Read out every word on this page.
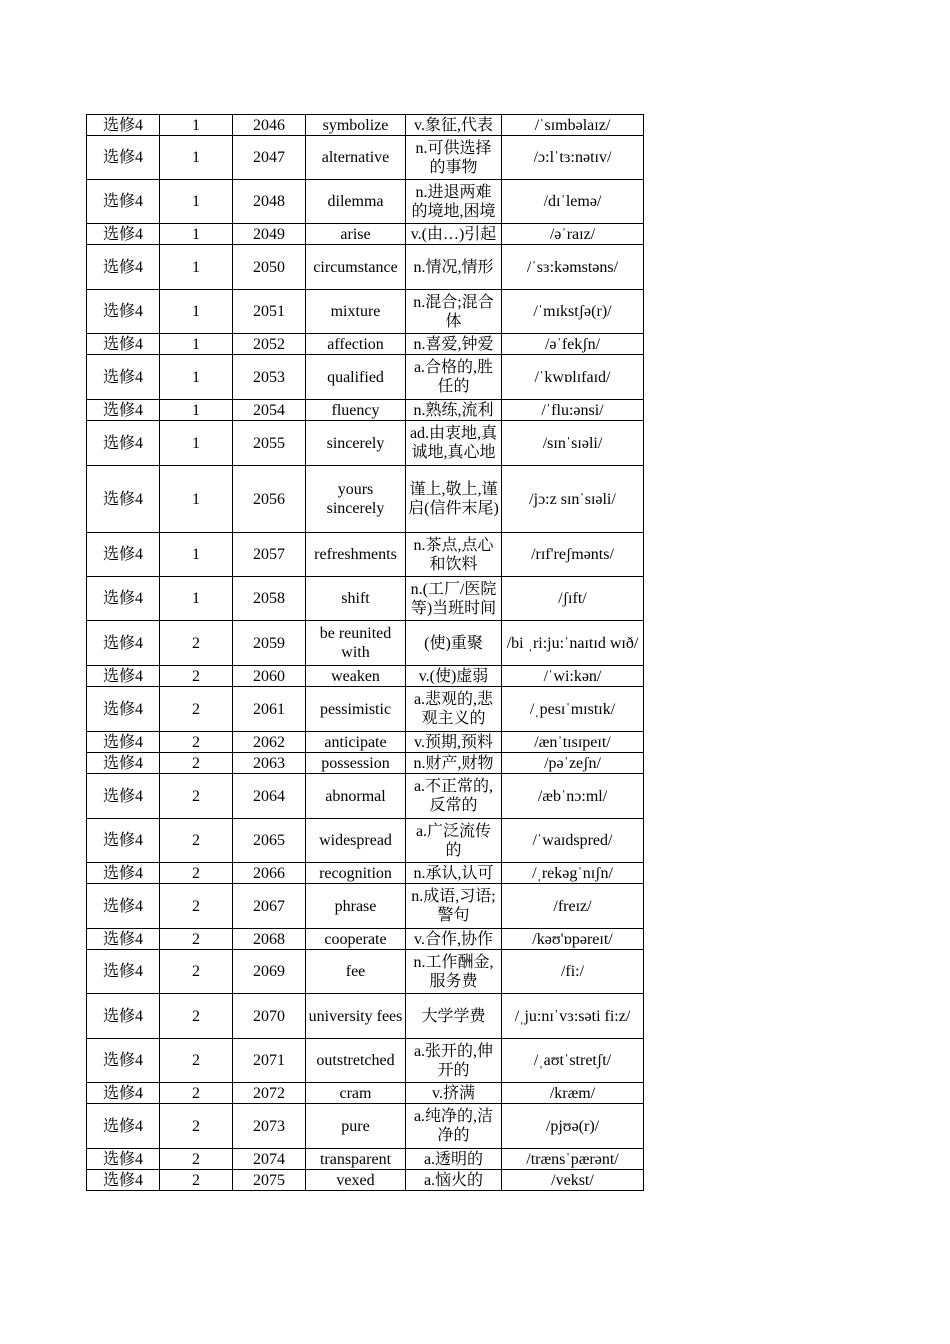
选修4	1	2046	symbolize	v.象征,代表	/ˈsɪmbəlaɪz/
选修4	1	2047	alternative	n.可供选择的事物	/ɔ:lˈtɜ:nətɪv/
选修4	1	2048	dilemma	n.进退两难的境地,困境	/dɪˈlemə/
选修4	1	2049	arise	v.(由…)引起	/əˈraɪz/
选修4	1	2050	circumstance	n.情况,情形	/ˈsɜ:kəmstəns/
选修4	1	2051	mixture	n.混合;混合体	/ˈmɪkstʃə(r)/
选修4	1	2052	affection	n.喜爱,钟爱	/əˈfekʃn/
选修4	1	2053	qualified	a.合格的,胜任的	/ˈkwɒlɪfaɪd/
选修4	1	2054	fluency	n.熟练,流利	/ˈflu:ənsi/
选修4	1	2055	sincerely	ad.由衷地,真诚地,真心地	/sɪnˈsɪəli/
选修4	1	2056	yours sincerely	谨上,敬上,谨启(信件末尾)	/jɔ:z sɪnˈsɪəli/
选修4	1	2057	refreshments	n.茶点,点心和饮料	/rɪf'reʃmənts/
选修4	1	2058	shift	n.(工厂/医院等)当班时间	/ʃɪft/
选修4	2	2059	be reunited with	(使)重聚	/bi ˌri:ju:ˈnaɪtɪd wɪð/
选修4	2	2060	weaken	v.(使)虚弱	/ˈwi:kən/
选修4	2	2061	pessimistic	a.悲观的,悲观主义的	/ˌpesɪˈmɪstɪk/
选修4	2	2062	anticipate	v.预期,预料	/ænˈtɪsɪpeɪt/
选修4	2	2063	possession	n.财产,财物	/pəˈzeʃn/
选修4	2	2064	abnormal	a.不正常的,反常的	/æbˈnɔ:ml/
选修4	2	2065	widespread	a.广泛流传的	/ˈwaɪdspred/
选修4	2	2066	recognition	n.承认,认可	/ˌrekəgˈnɪʃn/
选修4	2	2067	phrase	n.成语,习语;警句	/freɪz/
选修4	2	2068	cooperate	v.合作,协作	/kəʊ'ɒpəreɪt/
选修4	2	2069	fee	n.工作酬金,服务费	/fi:/
选修4	2	2070	university fees	大学学费	/ˌju:nɪˈvɜ:səti fi:z/
选修4	2	2071	outstretched	a.张开的,伸开的	/ˌaʊtˈstretʃt/
选修4	2	2072	cram	v.挤满	/kræm/
选修4	2	2073	pure	a.纯净的,洁净的	/pjʊə(r)/
选修4	2	2074	transparent	a.透明的	/trænsˈpærənt/
选修4	2	2075	vexed	a.恼火的	/vekst/
